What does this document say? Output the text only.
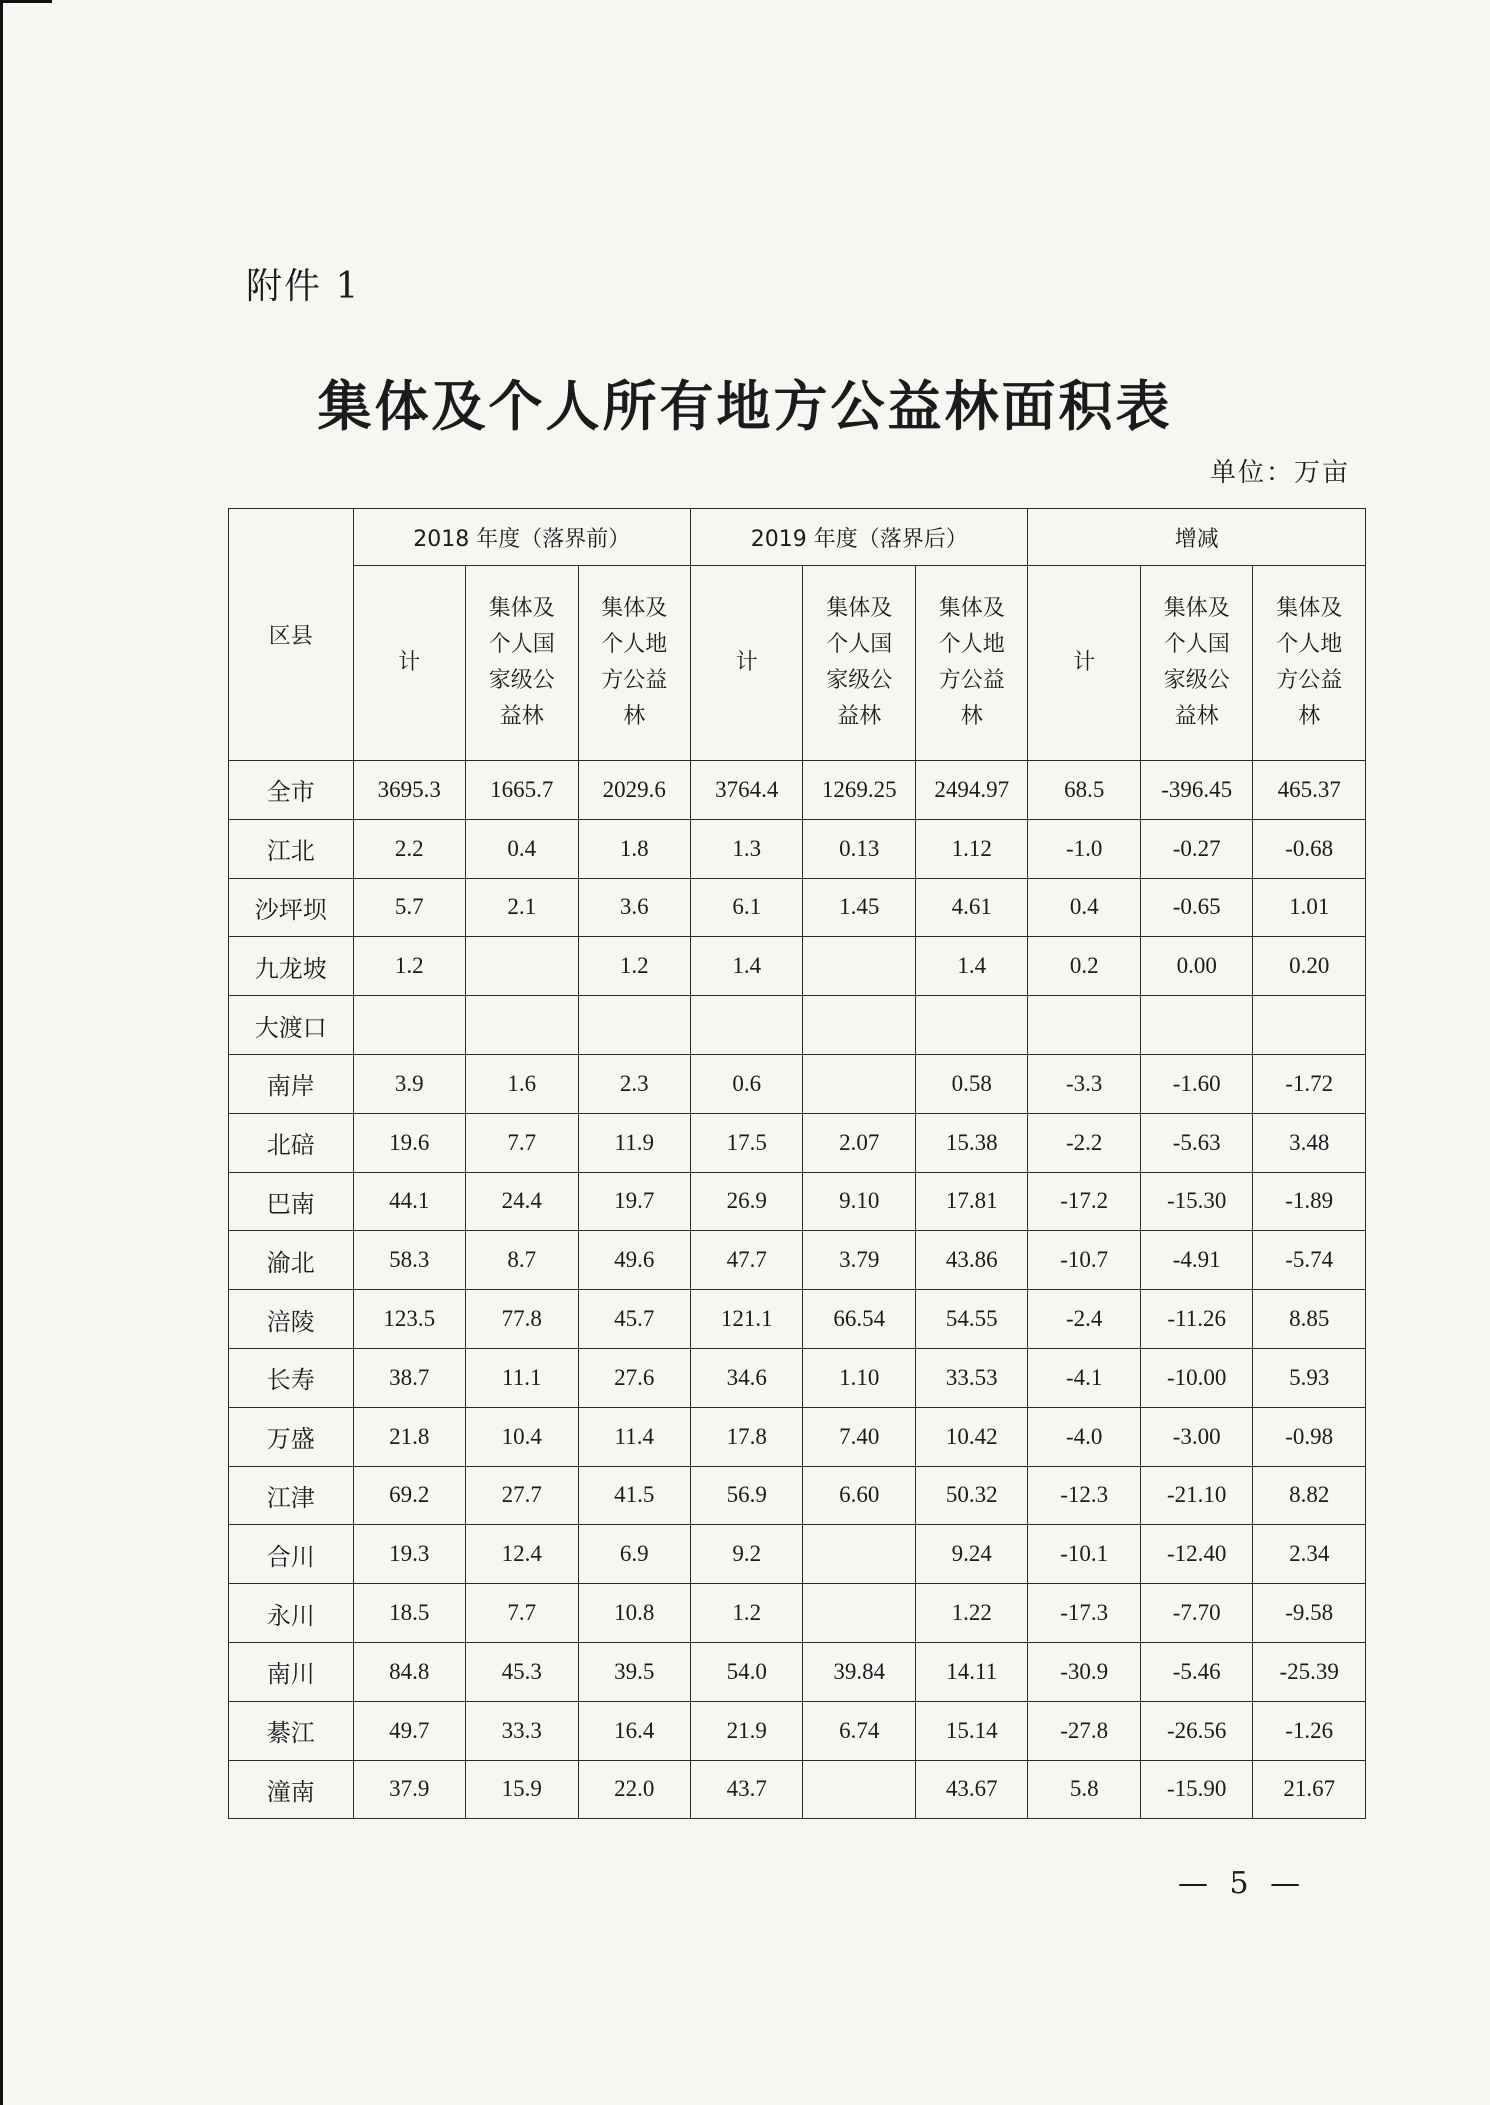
附件 1
集体及个人所有地方公益林面积表
单位：万亩
区县	2018 年度（落界前）			2019 年度（落界后）			增减		
	计	集体及个人国家级公益林	集体及个人地方公益林	计	集体及个人国家级公益林	集体及个人地方公益林	计	集体及个人国家级公益林	集体及个人地方公益林
全市	3695.3	1665.7	2029.6	3764.4	1269.25	2494.97	68.5	-396.45	465.37
江北	2.2	0.4	1.8	1.3	0.13	1.12	-1.0	-0.27	-0.68
沙坪坝	5.7	2.1	3.6	6.1	1.45	4.61	0.4	-0.65	1.01
九龙坡	1.2		1.2	1.4		1.4	0.2	0.00	0.20
大渡口									
南岸	3.9	1.6	2.3	0.6		0.58	-3.3	-1.60	-1.72
北碚	19.6	7.7	11.9	17.5	2.07	15.38	-2.2	-5.63	3.48
巴南	44.1	24.4	19.7	26.9	9.10	17.81	-17.2	-15.30	-1.89
渝北	58.3	8.7	49.6	47.7	3.79	43.86	-10.7	-4.91	-5.74
涪陵	123.5	77.8	45.7	121.1	66.54	54.55	-2.4	-11.26	8.85
长寿	38.7	11.1	27.6	34.6	1.10	33.53	-4.1	-10.00	5.93
万盛	21.8	10.4	11.4	17.8	7.40	10.42	-4.0	-3.00	-0.98
江津	69.2	27.7	41.5	56.9	6.60	50.32	-12.3	-21.10	8.82
合川	19.3	12.4	6.9	9.2		9.24	-10.1	-12.40	2.34
永川	18.5	7.7	10.8	1.2		1.22	-17.3	-7.70	-9.58
南川	84.8	45.3	39.5	54.0	39.84	14.11	-30.9	-5.46	-25.39
綦江	49.7	33.3	16.4	21.9	6.74	15.14	-27.8	-26.56	-1.26
潼南	37.9	15.9	22.0	43.7		43.67	5.8	-15.90	21.67
— 5 —
